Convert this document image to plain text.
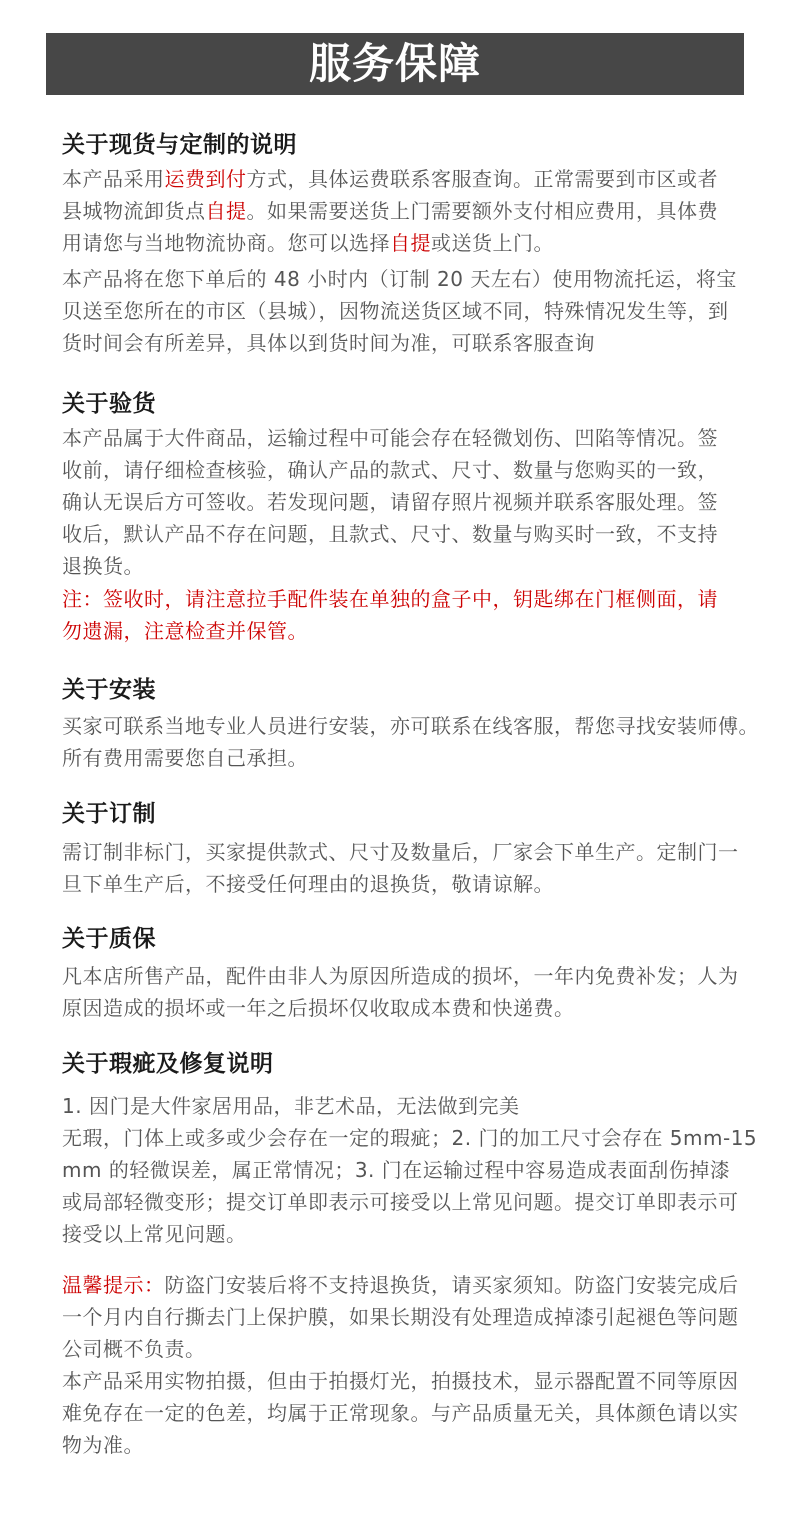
服务保障
关于现货与定制的说明
本产品采用运费到付方式，具体运费联系客服查询。正常需要到市区或者
县城物流卸货点自提。如果需要送货上门需要额外支付相应费用，具体费
用请您与当地物流协商。您可以选择自提或送货上门。
本产品将在您下单后的 48 小时内（订制 20 天左右）使用物流托运，将宝
贝送至您所在的市区（县城），因物流送货区域不同，特殊情况发生等，到
货时间会有所差异，具体以到货时间为准，可联系客服查询
关于验货
本产品属于大件商品，运输过程中可能会存在轻微划伤、凹陷等情况。签
收前，请仔细检查核验，确认产品的款式、尺寸、数量与您购买的一致，
确认无误后方可签收。若发现问题，请留存照片视频并联系客服处理。签
收后，默认产品不存在问题，且款式、尺寸、数量与购买时一致，不支持
退换货。
注：签收时，请注意拉手配件装在单独的盒子中，钥匙绑在门框侧面，请
勿遗漏，注意检查并保管。
关于安装
买家可联系当地专业人员进行安装，亦可联系在线客服，帮您寻找安装师傅。
所有费用需要您自己承担。
关于订制
需订制非标门，买家提供款式、尺寸及数量后，厂家会下单生产。定制门一
旦下单生产后，不接受任何理由的退换货，敬请谅解。
关于质保
凡本店所售产品，配件由非人为原因所造成的损坏，一年内免费补发；人为
原因造成的损坏或一年之后损坏仅收取成本费和快递费。
关于瑕疵及修复说明
1. 因门是大件家居用品，非艺术品，无法做到完美
无瑕，门体上或多或少会存在一定的瑕疵；2. 门的加工尺寸会存在 5mm-15
mm 的轻微误差，属正常情况；3. 门在运输过程中容易造成表面刮伤掉漆
或局部轻微变形；提交订单即表示可接受以上常见问题。提交订单即表示可
接受以上常见问题。
温馨提示：防盗门安装后将不支持退换货，请买家须知。防盗门安装完成后
一个月内自行撕去门上保护膜，如果长期没有处理造成掉漆引起褪色等问题
公司概不负责。
本产品采用实物拍摄，但由于拍摄灯光，拍摄技术，显示器配置不同等原因
难免存在一定的色差，均属于正常现象。与产品质量无关，具体颜色请以实
物为准。
